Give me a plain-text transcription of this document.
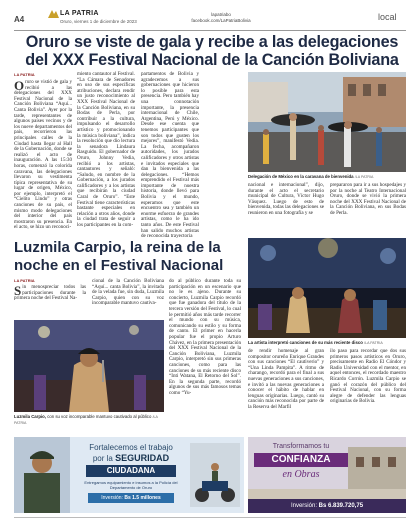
A4
LA PATRIA
Oruro, viernes 1 de diciembre de 2023
lapatriabo
facebook.com/LaPatriaBolivia	local
Oruro se viste de gala y recibe a las delegaciones del XXX Festival Nacional de la Canción Boliviana
LA PATRIA
Oruro se vistió de gala y recibió a las delegaciones del XXX Festival Nacional de la Canción Boliviana “Aquí... Canta Bolivia”. Ayer por la tarde, representantes de algunos países vecinos y de los nueve departamentos del país, recorrieron las principales calles de la Ciudad hasta llegar al Hall de la Gobernación, donde se realizó el acto de inauguración. A las 15:30 horas, comenzó la colorida caravana, las delegaciones llevaron su vestimenta típica representativa de su lugar de origen, México, por ejemplo, interpretó el “Cielito Lindo” y otras canciones de su país, el mismo modo delegaciones del interior del país mostraron su presencia. En el acto, se hizo un reconoci-
miento cantautor al Festival. “La Cámara de Senadores en uso de sus específicas atribuciones, declara rendir un justo reconocimiento al XXX Festival Nacional de la Canción Boliviana, en su Bodas de Perla, por contribuir a la cultura, impulsando el desarrollo artístico y promocionando la música boliviana”, indica la resolución que dio lectura la senadora Lindaura Rasguido. El gobernador de Oruro, Johnny Vedia, recibió a los artistas, cantautores y señaló: “Saludo, en nombre de la Gobernación, a los jurados calificadores y a los artistas que recibirán la ciudad Caral de Oruro”. “Este Festival tiene características bastante especiales en relación a otros años, donde la ciudad trata de seguir a los participantes en la com-
partamentos de Bolivia y agradecemos a sus gobernaciones que hicieron lo posible para esta presencia. Pero también hay una connotación importante, la presencia internacional de Chile, Argentina, Perú y México. Desde ese cuenta que tenemos participantes que son todos que gusten los mejores”, manifestó Vedia. La fecha, acompañaron autoridades, los jurados calificadores y otros artistas e invitados especiales que dan la bienvenida a las delegaciones. “Hemos emprendido el Festival más importante de nuestra historia, donde llevó para Bolivia y el mundo, esperamos que este encuentro sea y también un enorme esfuerzo de grandes artistas, como le ha ido tanto años. De este Festival han salido muchos artistas de reconocida trayectoria
Delegación de México en la caravana de bienvenida /LA PATRIA
nacional e internacional”, dijo, durante el acto el secretario municipal de Cultura, Víctor Hugo Vásquez. Luego de esto de bienvenida, todas las delegaciones se reunieron en una fotografía y se
prepararon para ir a sus hospedajes y por la noche al Teatro Internacional Oruro, donde se vivió la primera noche del XXX Festival Nacional de la Canción Boliviana, en sus Bodas de Perla.
Luzmila Carpio, la reina de la noche en el Festival Nacional
LA PATRIA
Sin menospreciar todos las participaciones durante la primera noche del Festival Na-
cional de la Canción Boliviana “Aquí... canta Bolivia”, la invitada de la velada fue, sin duda, Luzmila Carpio, quien con su voz incomparable mantuvo cautiva-
Luzmila Carpio, con su voz incomparable mantuvo cautivado al público /LA PATRIA
do al público durante toda su participación en un escenario que no le es ajeno. Durante su concierto, Luzmila Carpio recordó que fue ganadora del título de la tercera versión del Festival, lo cual le permitió años más tarde recorrer el mundo con su música, comunicando su estilo y su forma de canto. El primer en hacerla popular fue el propio Arturo Chávez, en la primera presentación del XXX Festival Nacional de la Canción Boliviana, Luzmila Carpio, interpretó sin sus primeras canciones, como para las canciones de su más reciente disco “Inti Watana, El Retorno del Sol”. En la segunda parte, recordó algunos de sus más famosos temas como “Yu-
La artista interpretó canciones de su más reciente disco /LA PATRIA
de rendir homenaje al gran compositor orureño Enrique Grandes con sus canciones “El cautiverio” y “Una Linda Pampita”. A ritmo de charango, recordó para el final a sus nuevas generaciones a sus canciones, e invitó a las nuevas generaciones a conocer el hábito de hablar en lenguas originarias. Luego, cantó su canción más reconocida por parte de la Reserva del Marfil
ilo paso para recordar que dos sus primeros pasos artísticos en Oruro, precisamente en Radio El Cóndor y Radio Universidad con el mentor, en aquel entonces, el recordado maestro Ricardo Corrón. Luzmila Carpio se ganó el corazón del público del Festival Nacional, con su forma alegre de defender las lenguas originarias de Bolivia.
Fortalecemos el trabajo
por la SEGURIDAD
CIUDADANA
Entregamos equipamiento e insumos a la Policía del Departamento de Oruro
Inversión: Bs 1.5 millones
Transformamos tu
CONFIANZA
en Obras
Inversión: Bs 6.839.720,75
